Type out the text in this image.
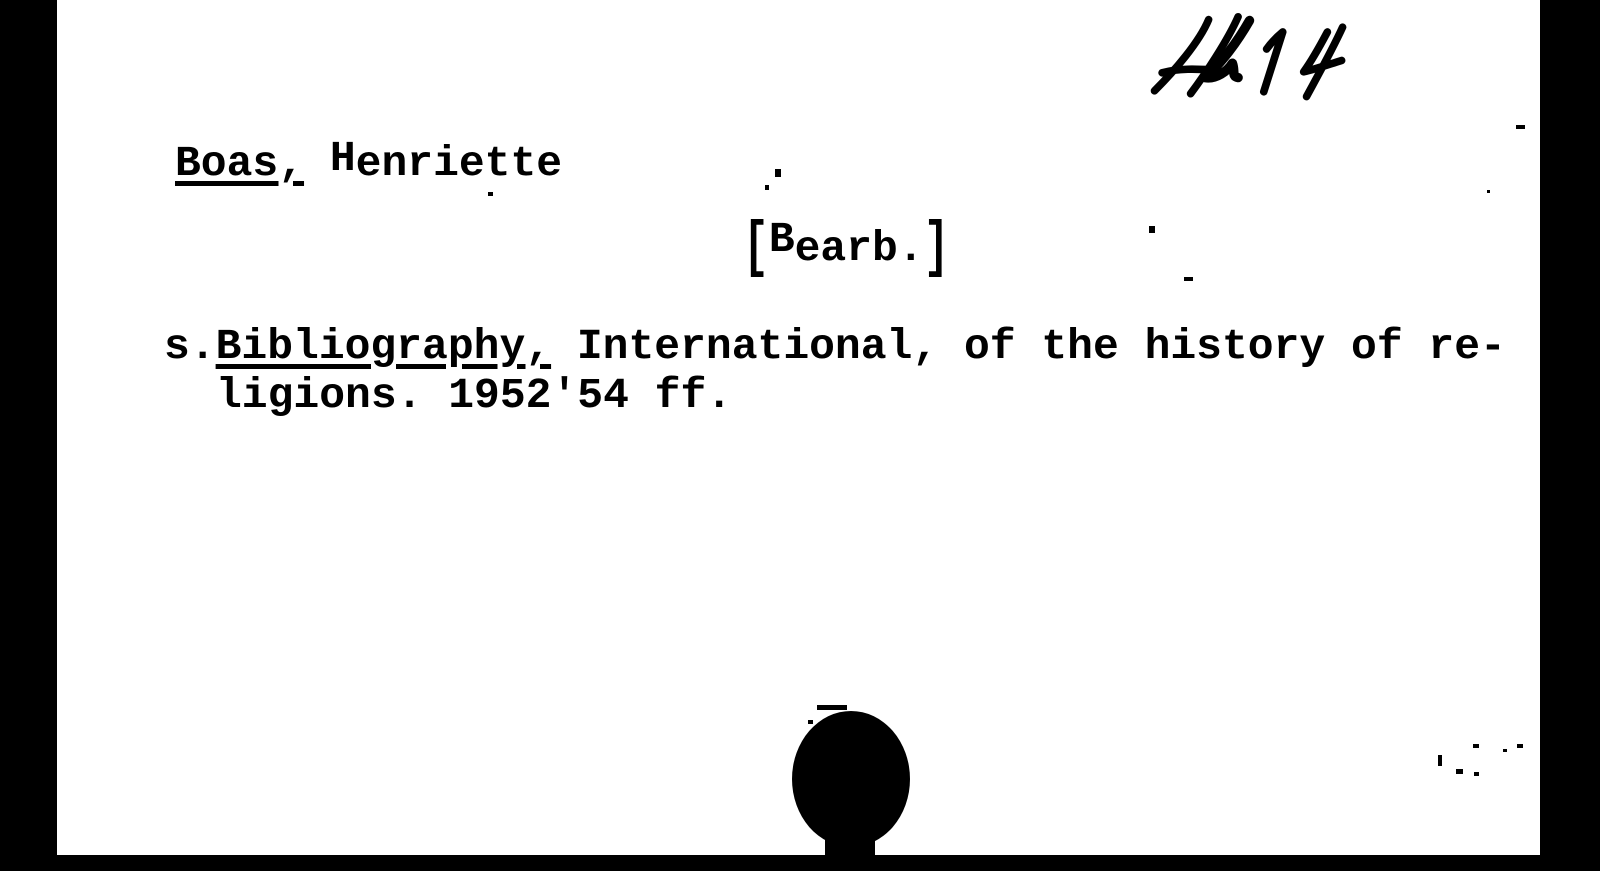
Boas, Henriette
[Bearb.]
s.Bibliography, International, of the history of re-
ligions. 1952'54 ff.
